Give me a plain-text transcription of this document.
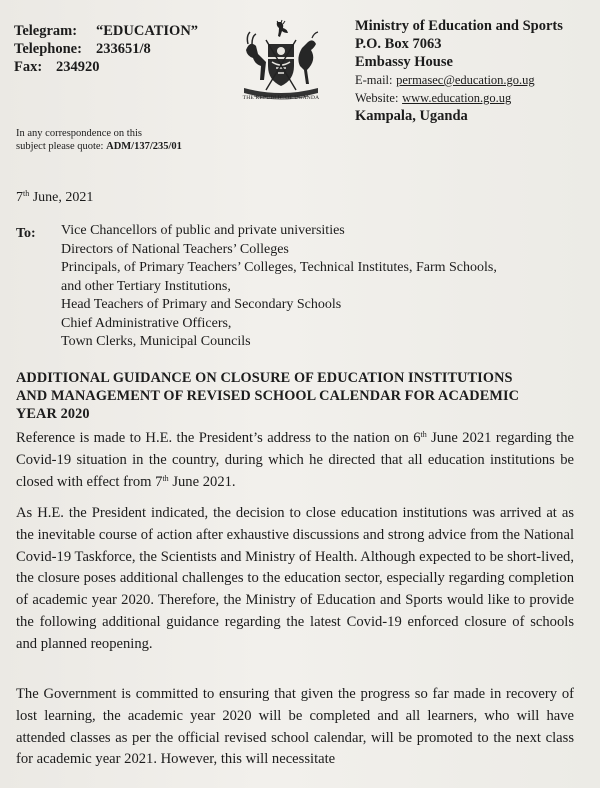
Telegram: “EDUCATION”
Telephone: 233651/8
Fax: 234920
THE REPUBLIC OF UGANDA
Ministry of Education and Sports
P.O. Box 7063
Embassy House
E-mail: permasec@education.go.ug
Website: www.education.go.ug
Kampala, Uganda
In any correspondence on this
subject please quote: ADM/137/235/01
7th June, 2021
To: Vice Chancellors of public and private universities
Directors of National Teachers’ Colleges
Principals, of Primary Teachers’ Colleges, Technical Institutes, Farm Schools,
and other Tertiary Institutions,
Head Teachers of Primary and Secondary Schools
Chief Administrative Officers,
Town Clerks, Municipal Councils
ADDITIONAL GUIDANCE ON CLOSURE OF EDUCATION INSTITUTIONS
AND MANAGEMENT OF REVISED SCHOOL CALENDAR FOR ACADEMIC
YEAR 2020

Reference is made to H.E. the President’s address to the nation on 6th June 2021 regarding the Covid-19 situation in the country, during which he directed that all education institutions be closed with effect from 7th June 2021.

As H.E. the President indicated, the decision to close education institutions was arrived at as the inevitable course of action after exhaustive discussions and strong advice from the National Covid-19 Taskforce, the Scientists and Ministry of Health. Although expected to be short-lived, the closure poses additional challenges to the education sector, especially regarding completion of academic year 2020. Therefore, the Ministry of Education and Sports would like to provide the following additional guidance regarding the latest Covid-19 enforced closure of schools and planned reopening.

The Government is committed to ensuring that given the progress so far made in recovery of lost learning, the academic year 2020 will be completed and all learners, who will have attended classes as per the official revised school calendar, will be promoted to the next class for academic year 2021. However, this will necessitate
